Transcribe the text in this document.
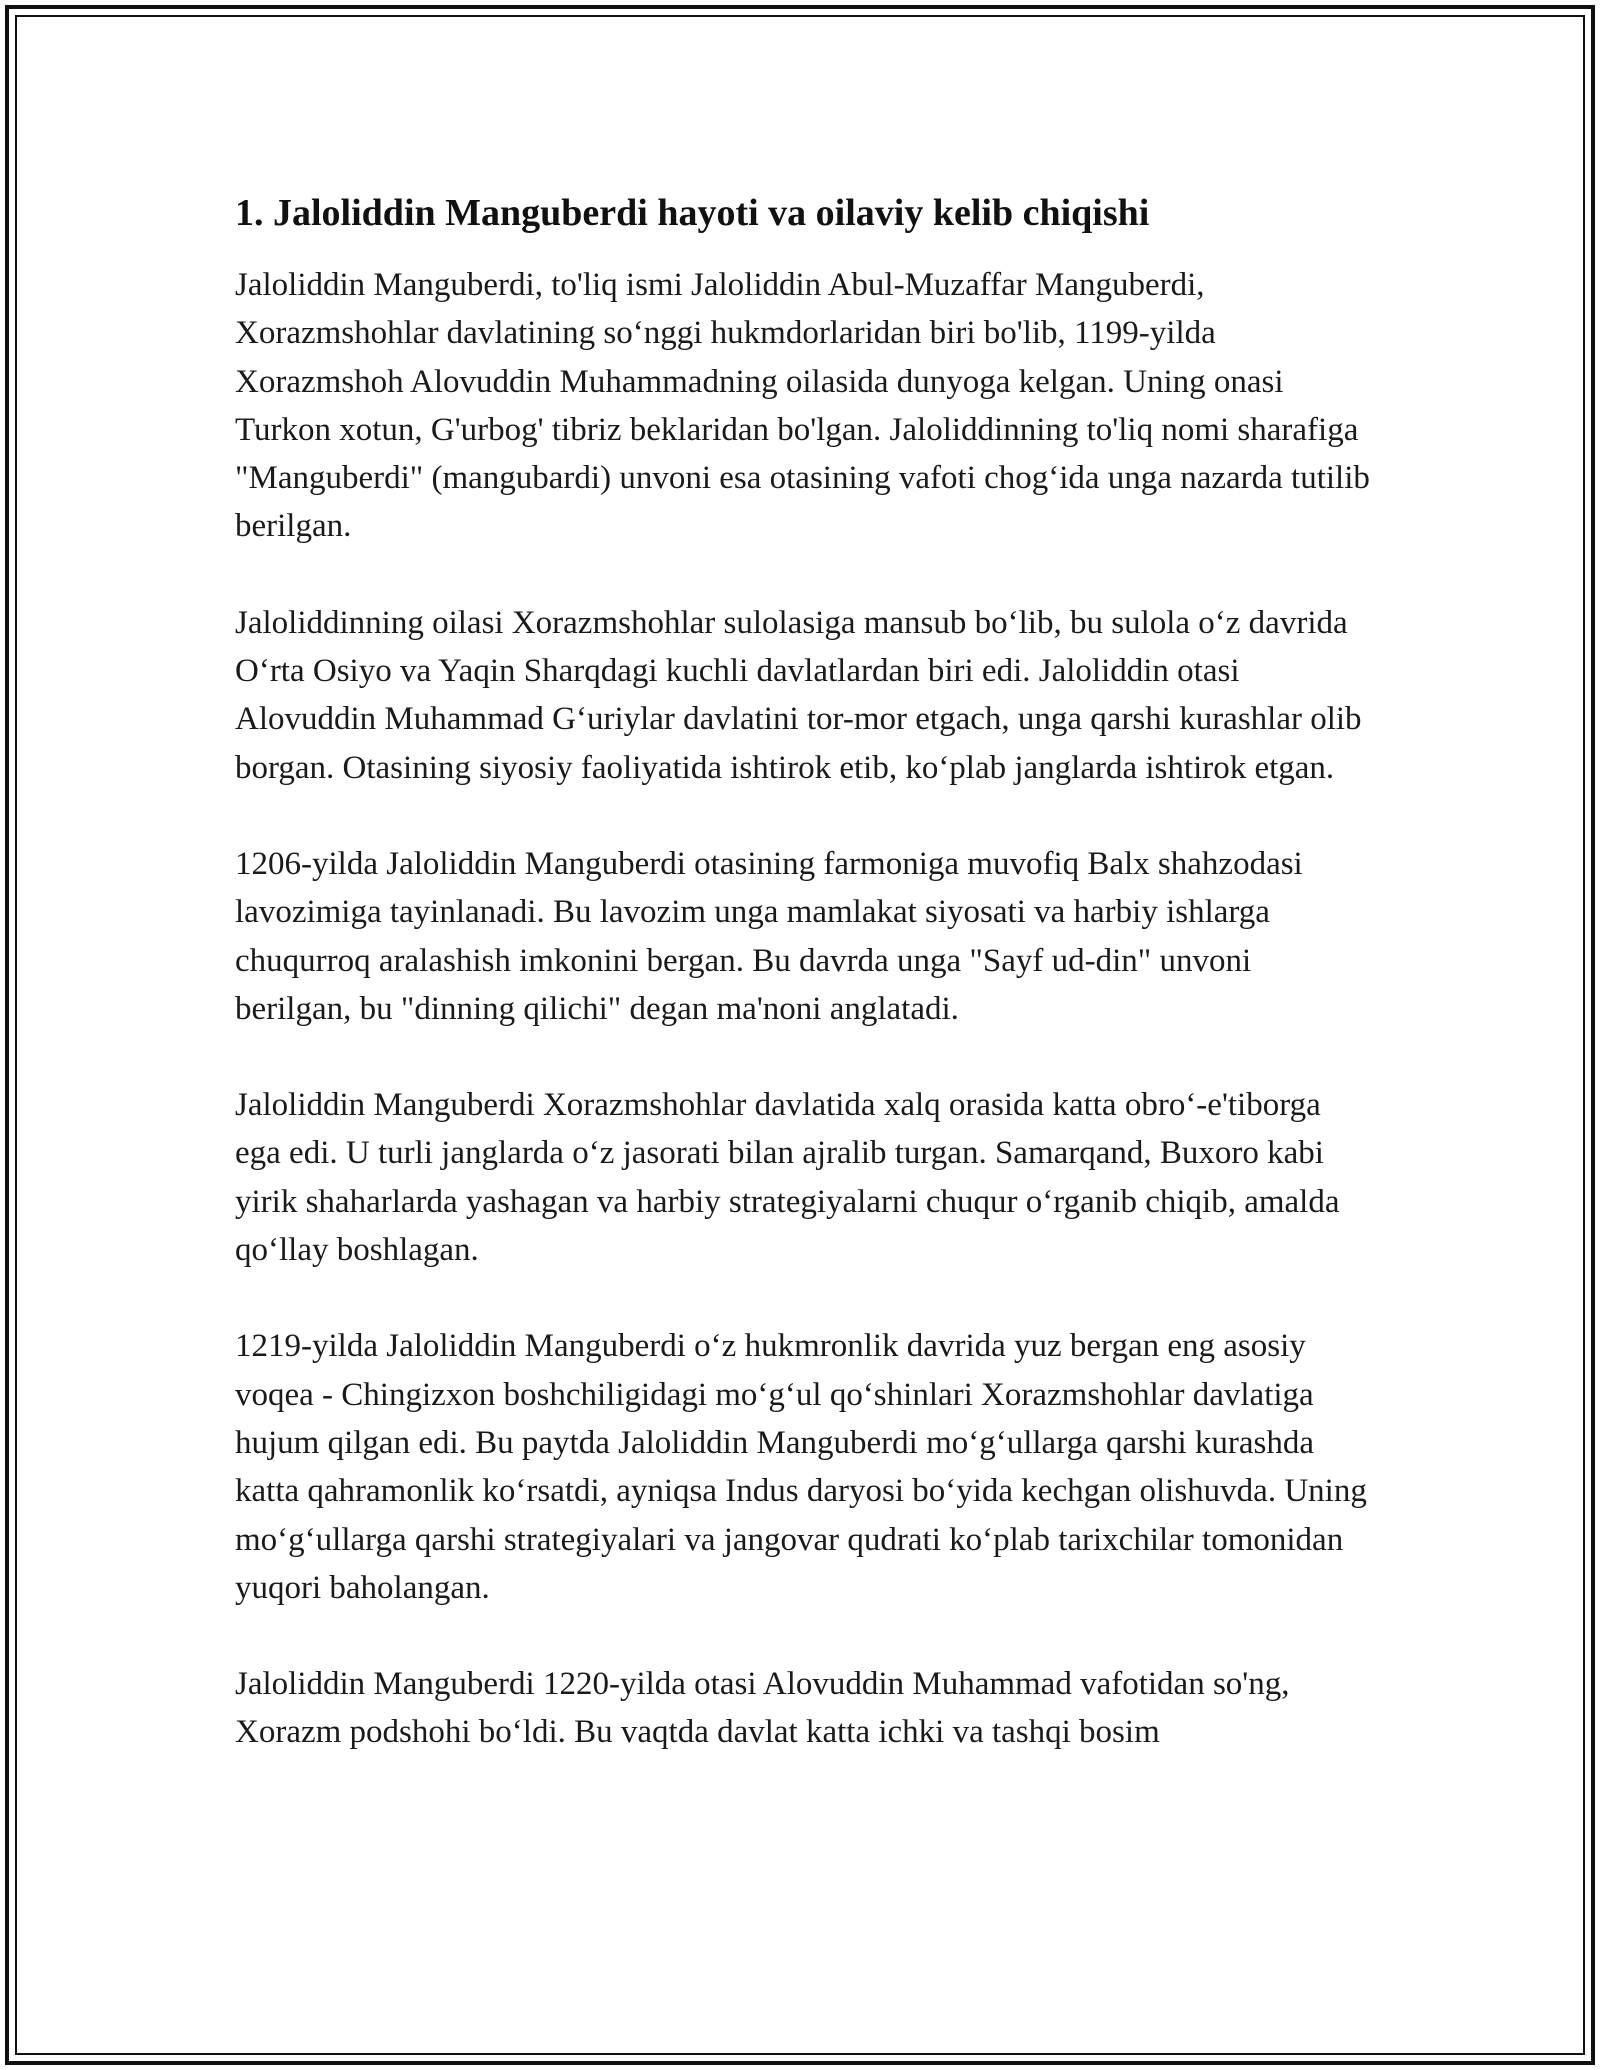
1. Jaloliddin Manguberdi hayoti va oilaviy kelib chiqishi

Jaloliddin Manguberdi, to'liq ismi Jaloliddin Abul-Muzaffar Manguberdi, Xorazmshohlar davlatining so‘nggi hukmdorlaridan biri bo'lib, 1199-yilda Xorazmshoh Alovuddin Muhammadning oilasida dunyoga kelgan. Uning onasi Turkon xotun, G'urbog' tibriz beklaridan bo'lgan. Jaloliddinning to'liq nomi sharafiga "Manguberdi" (mangubardi) unvoni esa otasining vafoti chog‘ida unga nazarda tutilib berilgan.

Jaloliddinning oilasi Xorazmshohlar sulolasiga mansub bo‘lib, bu sulola o‘z davrida O‘rta Osiyo va Yaqin Sharqdagi kuchli davlatlardan biri edi. Jaloliddin otasi Alovuddin Muhammad G‘uriylar davlatini tor-mor etgach, unga qarshi kurashlar olib borgan. Otasining siyosiy faoliyatida ishtirok etib, ko‘plab janglarda ishtirok etgan.

1206-yilda Jaloliddin Manguberdi otasining farmoniga muvofiq Balx shahzodasi lavozimiga tayinlanadi. Bu lavozim unga mamlakat siyosati va harbiy ishlarga chuqurroq aralashish imkonini bergan. Bu davrda unga "Sayf ud-din" unvoni berilgan, bu "dinning qilichi" degan ma'noni anglatadi.

Jaloliddin Manguberdi Xorazmshohlar davlatida xalq orasida katta obro‘-e'tiborga ega edi. U turli janglarda o‘z jasorati bilan ajralib turgan. Samarqand, Buxoro kabi yirik shaharlarda yashagan va harbiy strategiyalarni chuqur o‘rganib chiqib, amalda qo‘llay boshlagan.

1219-yilda Jaloliddin Manguberdi o‘z hukmronlik davrida yuz bergan eng asosiy voqea - Chingizxon boshchiligidagi mo‘g‘ul qo‘shinlari Xorazmshohlar davlatiga hujum qilgan edi. Bu paytda Jaloliddin Manguberdi mo‘g‘ullarga qarshi kurashda katta qahramonlik ko‘rsatdi, ayniqsa Indus daryosi bo‘yida kechgan olishuvda. Uning mo‘g‘ullarga qarshi strategiyalari va jangovar qudrati ko‘plab tarixchilar tomonidan yuqori baholangan.

Jaloliddin Manguberdi 1220-yilda otasi Alovuddin Muhammad vafotidan so'ng, Xorazm podshohi bo‘ldi. Bu vaqtda davlat katta ichki va tashqi bosim
